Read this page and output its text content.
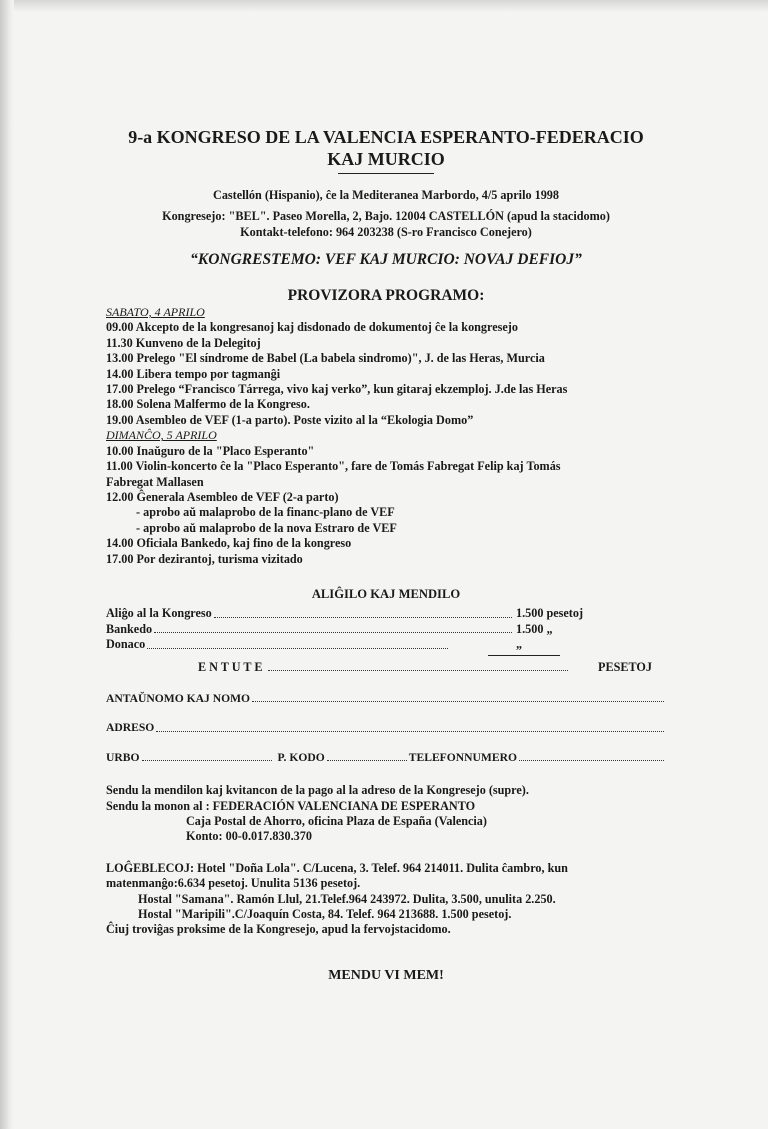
9-a KONGRESO DE LA VALENCIA ESPERANTO-FEDERACIO
KAJ MURCIO
Castellón (Hispanio), ĉe la Mediteranea Marbordo, 4/5 aprilo 1998
Kongresejo: "BEL". Paseo Morella, 2, Bajo. 12004 CASTELLÓN (apud la stacidomo)
Kontakt-telefono: 964 203238 (S-ro Francisco Conejero)
“KONGRESTEMO: VEF KAJ MURCIO: NOVAJ DEFIOJ”
PROVIZORA PROGRAMO:
SABATO, 4 APRILO
09.00 Akcepto de la kongresanoj kaj disdonado de dokumentoj ĉe la kongresejo
11.30 Kunveno de la Delegitoj
13.00 Prelego "El síndrome de Babel (La babela sindromo)", J. de las Heras, Murcia
14.00 Libera tempo por tagmanĝi
17.00 Prelego “Francisco Tárrega, vivo kaj verko”, kun gitaraj ekzemploj. J.de las Heras
18.00 Solena Malfermo de la Kongreso.
19.00 Asembleo de VEF (1-a parto). Poste vizito al la “Ekologia Domo”
DIMANĈO, 5 APRILO
10.00 Inaŭguro de la "Placo Esperanto"
11.00 Violin-koncerto ĉe la "Placo Esperanto", fare de Tomás Fabregat Felip kaj Tomás
Fabregat Mallasen
12.00 Ĝenerala Asembleo de VEF (2-a parto)
- aprobo aŭ malaprobo de la financ-plano de VEF
- aprobo aŭ malaprobo de la nova Estraro de VEF
14.00 Oficiala Bankedo, kaj fino de la kongreso
17.00 Por dezirantoj, turisma vizitado
ALIĜILO KAJ MENDILO
Aliĝo al la Kongreso	1.500 pesetoj
Bankedo	1.500 „
Donaco	„
E N T U T E	PESETOJ
ANTAŬNOMO KAJ NOMO
ADRESO
URBO	P. KODO	TELEFONNUMERO
Sendu la mendilon kaj kvitancon de la pago al la adreso de la Kongresejo (supre).
Sendu la monon al : FEDERACIÓN VALENCIANA DE ESPERANTO
Caja Postal de Ahorro, oficina Plaza de España (Valencia)
Konto: 00-0.017.830.370
LOĜEBLECOJ: Hotel "Doña Lola". C/Lucena, 3. Telef. 964 214011. Dulita ĉambro, kun
matenmanĝo:6.634 pesetoj. Unulita 5136 pesetoj.
Hostal "Samana". Ramón Llul, 21.Telef.964 243972. Dulita, 3.500, unulita 2.250.
Hostal "Maripili".C/Joaquín Costa, 84. Telef. 964 213688. 1.500 pesetoj.
Ĉiuj troviĝas proksime de la Kongresejo, apud la fervojstacidomo.
MENDU VI MEM!
